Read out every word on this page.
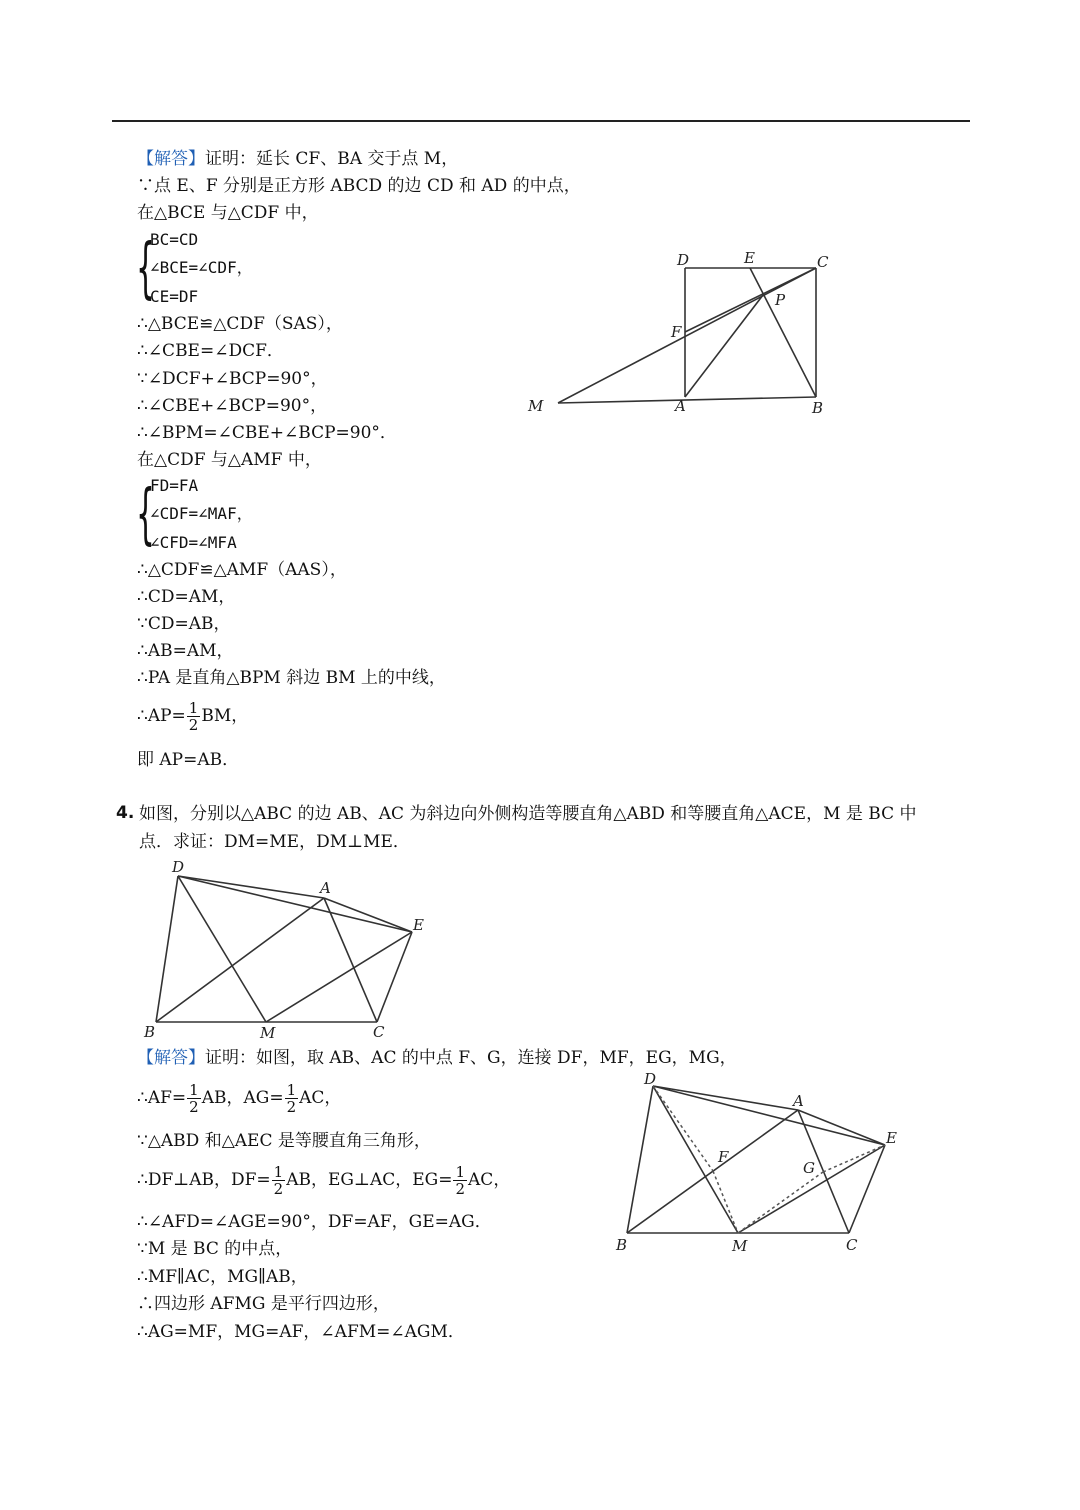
【解答】证明：延长 CF、BA 交于点 M，
∵点 E、F 分别是正方形 ABCD 的边 CD 和 AD 的中点，
在△BCE 与△CDF 中，
{
BC=CD
∠BCE=∠CDF，
CE=DF
∴△BCE≌△CDF（SAS），
∴∠CBE=∠DCF．
∵∠DCF+∠BCP=90°，
∴∠CBE+∠BCP=90°，
∴∠BPM=∠CBE+∠BCP=90°．
在△CDF 与△AMF 中，
{
FD=FA
∠CDF=∠MAF，
∠CFD=∠MFA
∴△CDF≌△AMF（AAS），
∴CD=AM，
∵CD=AB，
∴AB=AM，
∴PA 是直角△BPM 斜边 BM 上的中线，
∴AP= $\frac{1}{2}$ BM，
即 AP=AB．
D	E	C
P
F
M	A	B
4. 如图，分别以△ABC 的边 AB、AC 为斜边向外侧构造等腰直角△ABD 和等腰直角△ACE，M 是 BC 中
点．求证：DM=ME，DM⊥ME．
D
A
E
B	M	C
【解答】证明：如图，取 AB、AC 的中点 F、G，连接 DF，MF，EG，MG，
∴AF= $\frac{1}{2}$ AB，$AG= \frac{1}{2}$ AC，
∵△ABD 和△AEC 是等腰直角三角形，
∴DF⊥AB，$DF= \frac{1}{2}$ AB，EG⊥AC，$EG= \frac{1}{2}$ AC，
∴∠AFD=∠AGE=90°，DF=AF，GE=AG．
∵M 是 BC 的中点，
∴MF∥AC，MG∥AB，
∴四边形 AFMG 是平行四边形，
∴AG=MF，MG=AF，∠AFM=∠AGM．
D
A
E
F
G
B	M	C
